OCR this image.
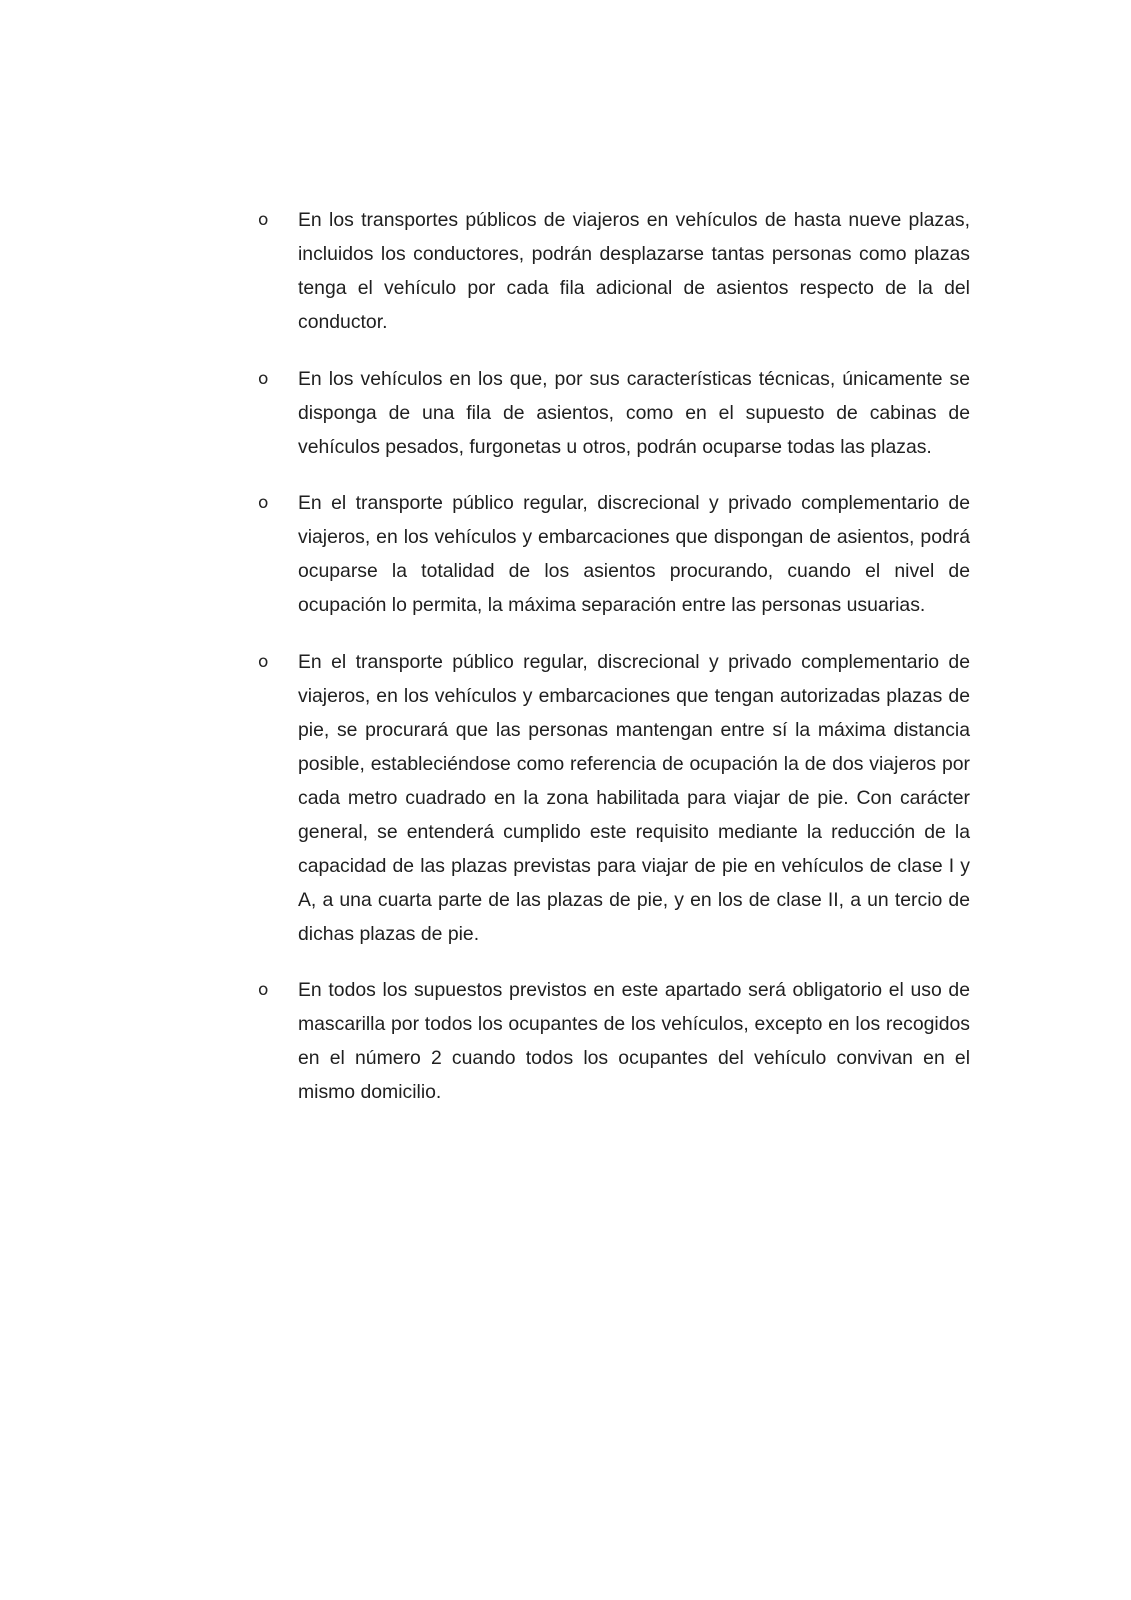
o	En los transportes públicos de viajeros en vehículos de hasta nueve plazas, incluidos los conductores, podrán desplazarse tantas personas como plazas tenga el vehículo por cada fila adicional de asientos respecto de la del conductor.
o	En los vehículos en los que, por sus características técnicas, únicamente se disponga de una fila de asientos, como en el supuesto de cabinas de vehículos pesados, furgonetas u otros, podrán ocuparse todas las plazas.
o	En el transporte público regular, discrecional y privado complementario de viajeros, en los vehículos y embarcaciones que dispongan de asientos, podrá ocuparse la totalidad de los asientos procurando, cuando el nivel de ocupación lo permita, la máxima separación entre las personas usuarias.
o	En el transporte público regular, discrecional y privado complementario de viajeros, en los vehículos y embarcaciones que tengan autorizadas plazas de pie, se procurará que las personas mantengan entre sí la máxima distancia posible, estableciéndose como referencia de ocupación la de dos viajeros por cada metro cuadrado en la zona habilitada para viajar de pie. Con carácter general, se entenderá cumplido este requisito mediante la reducción de la capacidad de las plazas previstas para viajar de pie en vehículos de clase I y A, a una cuarta parte de las plazas de pie, y en los de clase II, a un tercio de dichas plazas de pie.
o	En todos los supuestos previstos en este apartado será obligatorio el uso de mascarilla por todos los ocupantes de los vehículos, excepto en los recogidos en el número 2 cuando todos los ocupantes del vehículo convivan en el mismo domicilio.
